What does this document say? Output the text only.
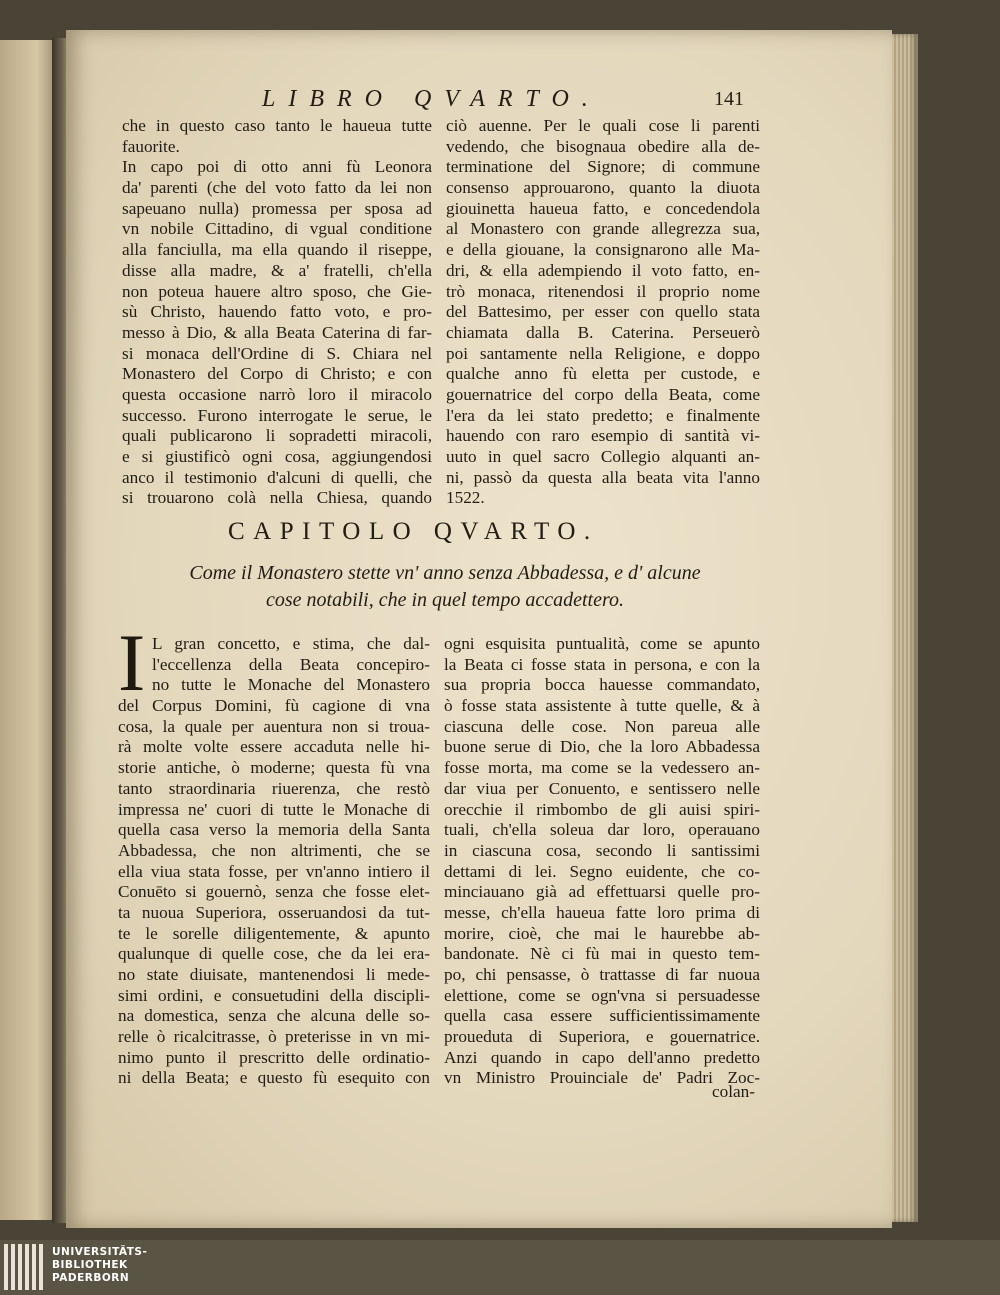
LIBRO QVARTO.	141
che in questo caso tanto le haueua tutte
fauorite.
In capo poi di otto anni fù Leonora
da' parenti (che del voto fatto da lei non
sapeuano nulla) promessa per sposa ad
vn nobile Cittadino, di vgual conditione
alla fanciulla, ma ella quando il riseppe,
disse alla madre, & a' fratelli, ch'ella
non poteua hauere altro sposo, che Gie-
sù Christo, hauendo fatto voto, e pro-
messo à Dio, & alla Beata Caterina di far-
si monaca dell'Ordine di S. Chiara nel
Monastero del Corpo di Christo; e con
questa occasione narrò loro il miracolo
successo. Furono interrogate le serue, le
quali publicarono li sopradetti miracoli,
e si giustificò ogni cosa, aggiungendosi
anco il testimonio d'alcuni di quelli, che
si trouarono colà nella Chiesa, quando
ciò auenne. Per le quali cose li parenti
vedendo, che bisognaua obedire alla de-
terminatione del Signore; di commune
consenso approuarono, quanto la diuota
giouinetta haueua fatto, e concedendola
al Monastero con grande allegrezza sua,
e della giouane, la consignarono alle Ma-
dri, & ella adempiendo il voto fatto, en-
trò monaca, ritenendosi il proprio nome
del Battesimo, per esser con quello stata
chiamata dalla B. Caterina. Perseuerò
poi santamente nella Religione, e doppo
qualche anno fù eletta per custode, e
gouernatrice del corpo della Beata, come
l'era da lei stato predetto; e finalmente
hauendo con raro esempio di santità vi-
uuto in quel sacro Collegio alquanti an-
ni, passò da questa alla beata vita l'anno
1522.
CAPITOLO QVARTO.
Come il Monastero stette vn' anno senza Abbadessa, e d' alcune
cose notabili, che in quel tempo accadettero.
I L gran concetto, e stima, che dal-
l'eccellenza della Beata concepiro-
no tutte le Monache del Monastero
del Corpus Domini, fù cagione di vna
cosa, la quale per auentura non si troua-
rà molte volte essere accaduta nelle hi-
storie antiche, ò moderne; questa fù vna
tanto straordinaria riuerenza, che restò
impressa ne' cuori di tutte le Monache di
quella casa verso la memoria della Santa
Abbadessa, che non altrimenti, che se
ella viua stata fosse, per vn'anno intiero il
Conuēto si gouernò, senza che fosse elet-
ta nuoua Superiora, osseruandosi da tut-
te le sorelle diligentemente, & apunto
qualunque di quelle cose, che da lei era-
no state diuisate, mantenendosi li mede-
simi ordini, e consuetudini della discipli-
na domestica, senza che alcuna delle so-
relle ò ricalcitrasse, ò preterisse in vn mi-
nimo punto il prescritto delle ordinatio-
ni della Beata; e questo fù esequito con
ogni esquisita puntualità, come se apunto
la Beata ci fosse stata in persona, e con la
sua propria bocca hauesse commandato,
ò fosse stata assistente à tutte quelle, & à
ciascuna delle cose. Non pareua alle
buone serue di Dio, che la loro Abbadessa
fosse morta, ma come se la vedessero an-
dar viua per Conuento, e sentissero nelle
orecchie il rimbombo de gli auisi spiri-
tuali, ch'ella soleua dar loro, operauano
in ciascuna cosa, secondo li santissimi
dettami di lei. Segno euidente, che co-
minciauano già ad effettuarsi quelle pro-
messe, ch'ella haueua fatte loro prima di
morire, cioè, che mai le haurebbe ab-
bandonate. Nè ci fù mai in questo tem-
po, chi pensasse, ò trattasse di far nuoua
elettione, come se ogn'vna si persuadesse
quella casa essere sufficientissimamente
proueduta di Superiora, e gouernatrice.
Anzi quando in capo dell'anno predetto
vn Ministro Prouinciale de' Padri Zoc-
colan-
UNIVERSITÄTS-
BIBLIOTHEK
PADERBORN
